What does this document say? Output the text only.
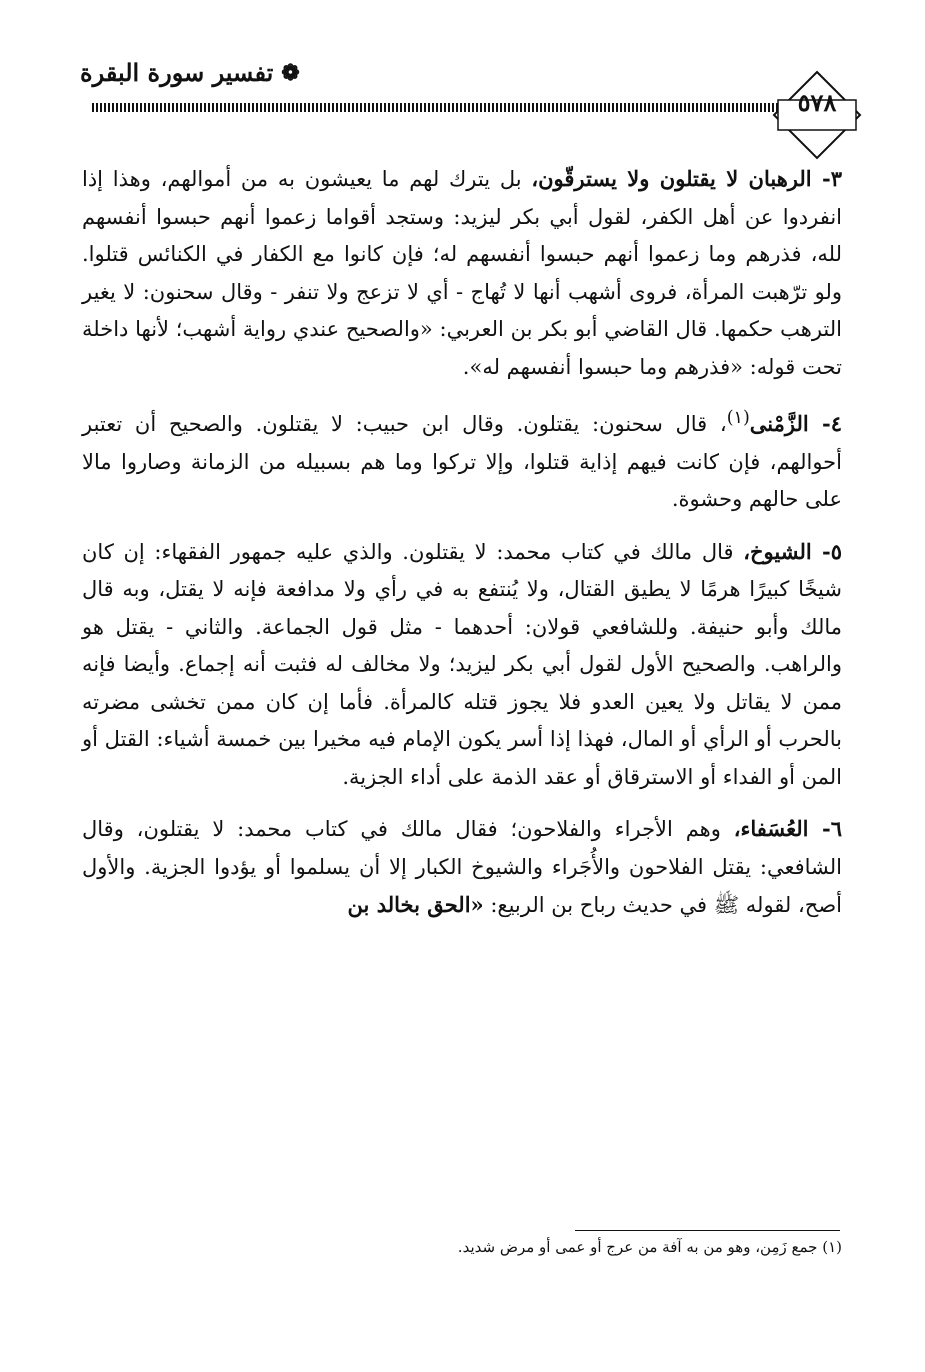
❁
تفسير سورة البقرة
٥٧٨

٣- الرهبان لا يقتلون ولا يسترقّون، بل يترك لهم ما يعيشون به من أموالهم، وهذا إذا انفردوا عن أهل الكفر، لقول أبي بكر ليزيد: وستجد أقواما زعموا أنهم حبسوا أنفسهم لله، فذرهم وما زعموا أنهم حبسوا أنفسهم له؛ فإن كانوا مع الكفار في الكنائس قتلوا. ولو ترّهبت المرأة، فروى أشهب أنها لا تُهاج - أي لا تزعج ولا تنفر - وقال سحنون: لا يغير الترهب حكمها. قال القاضي أبو بكر بن العربي: «والصحيح عندي رواية أشهب؛ لأنها داخلة تحت قوله: «فذرهم وما حبسوا أنفسهم له».

٤- الزَّمْنى$^{(١)}$، قال سحنون: يقتلون. وقال ابن حبيب: لا يقتلون. والصحيح أن تعتبر أحوالهم، فإن كانت فيهم إذاية قتلوا، وإلا تركوا وما هم بسبيله من الزمانة وصاروا مالا على حالهم وحشوة.

٥- الشيوخ، قال مالك في كتاب محمد: لا يقتلون. والذي عليه جمهور الفقهاء: إن كان شيخًا كبيرًا هرمًا لا يطيق القتال، ولا يُنتفع به في رأي ولا مدافعة فإنه لا يقتل، وبه قال مالك وأبو حنيفة. وللشافعي قولان: أحدهما - مثل قول الجماعة. والثاني - يقتل هو والراهب. والصحيح الأول لقول أبي بكر ليزيد؛ ولا مخالف له فثبت أنه إجماع. وأيضا فإنه ممن لا يقاتل ولا يعين العدو فلا يجوز قتله كالمرأة. فأما إن كان ممن تخشى مضرته بالحرب أو الرأي أو المال، فهذا إذا أسر يكون الإمام فيه مخيرا بين خمسة أشياء: القتل أو المن أو الفداء أو الاسترقاق أو عقد الذمة على أداء الجزية.

٦- العُسَفاء، وهم الأجراء والفلاحون؛ فقال مالك في كتاب محمد: لا يقتلون، وقال الشافعي: يقتل الفلاحون والأُجَراء والشيوخ الكبار إلا أن يسلموا أو يؤدوا الجزية. والأول أصح، لقوله ﷺ في حديث رباح بن الربيع: «الحق بخالد بن

(١) جمع زَمِن، وهو من به آفة من عرج أو عمى أو مرض شديد.
